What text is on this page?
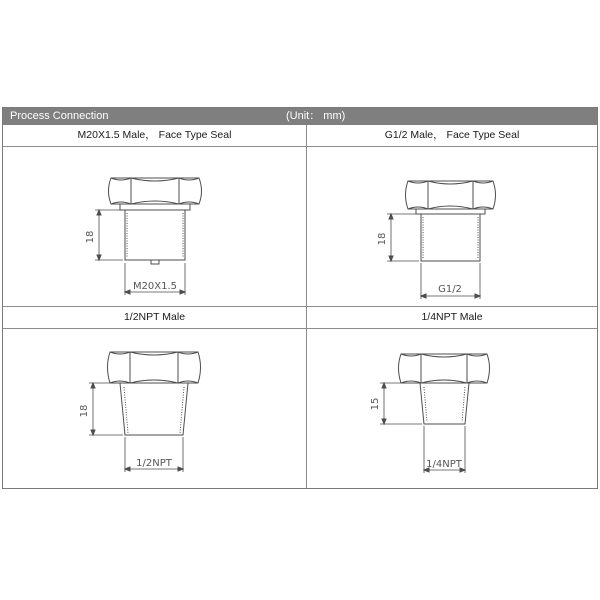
Process Connection	(Unit： mm)
M20X1.5 Male， Face Type Seal
18
M20X1.5
G1/2 Male， Face Type Seal
18
G1/2
1/2NPT Male
18
1/2NPT
1/4NPT Male
15
1/4NPT
